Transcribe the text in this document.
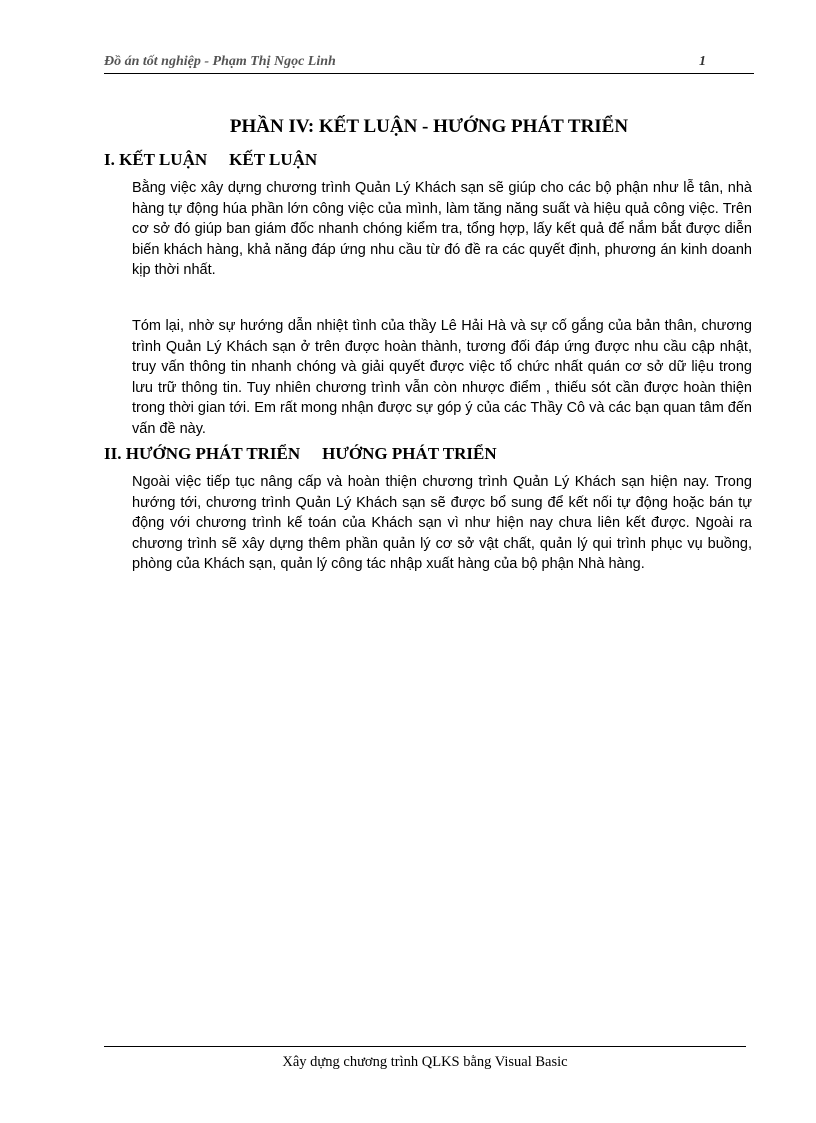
Đồ án tốt nghiệp - Phạm Thị Ngọc Linh	1
PHẦN IV: KẾT LUẬN - HƯỚNG PHÁT TRIỂN
I. KẾT LUẬN KẾT LUẬN

Bằng việc xây dựng chương trình Quản Lý Khách sạn sẽ giúp cho các bộ phận như lễ tân, nhà hàng tự động húa phần lớn công việc của mình, làm tăng năng suất và hiệu quả công việc. Trên cơ sở đó giúp ban giám đốc nhanh chóng kiểm tra, tổng hợp, lấy kết quả để nắm bắt được diễn biến khách hàng, khả năng đáp ứng nhu cầu từ đó đề ra các quyết định, phương án kinh doanh kịp thời nhất.

Tóm lại, nhờ sự hướng dẫn nhiệt tình của thầy Lê Hải Hà và sự cố gắng của bản thân, chương trình Quản Lý Khách sạn ở trên được hoàn thành, tương đối đáp ứng được nhu cầu cập nhật, truy vấn thông tin nhanh chóng và giải quyết được việc tổ chức nhất quán cơ sở dữ liệu trong lưu trữ thông tin. Tuy nhiên chương trình vẫn còn nhược điểm , thiếu sót cần được hoàn thiện trong thời gian tới. Em rất mong nhận được sự góp ý của các Thầy Cô và các bạn quan tâm đến vấn đề này.

II. HƯỚNG PHÁT TRIỂN HƯỚNG PHÁT TRIỂN

Ngoài việc tiếp tục nâng cấp và hoàn thiện chương trình Quản Lý Khách sạn hiện nay. Trong hướng tới, chương trình Quản Lý Khách sạn sẽ được bổ sung để kết nối tự động hoặc bán tự động với chương trình kế toán của Khách sạn vì như hiện nay chưa liên kết được. Ngoài ra chương trình sẽ xây dựng thêm phần quản lý cơ sở vật chất, quản lý qui trình phục vụ buồng, phòng của Khách sạn, quản lý công tác nhập xuất hàng của bộ phận Nhà hàng.

Xây dựng chương trình QLKS bằng Visual Basic
